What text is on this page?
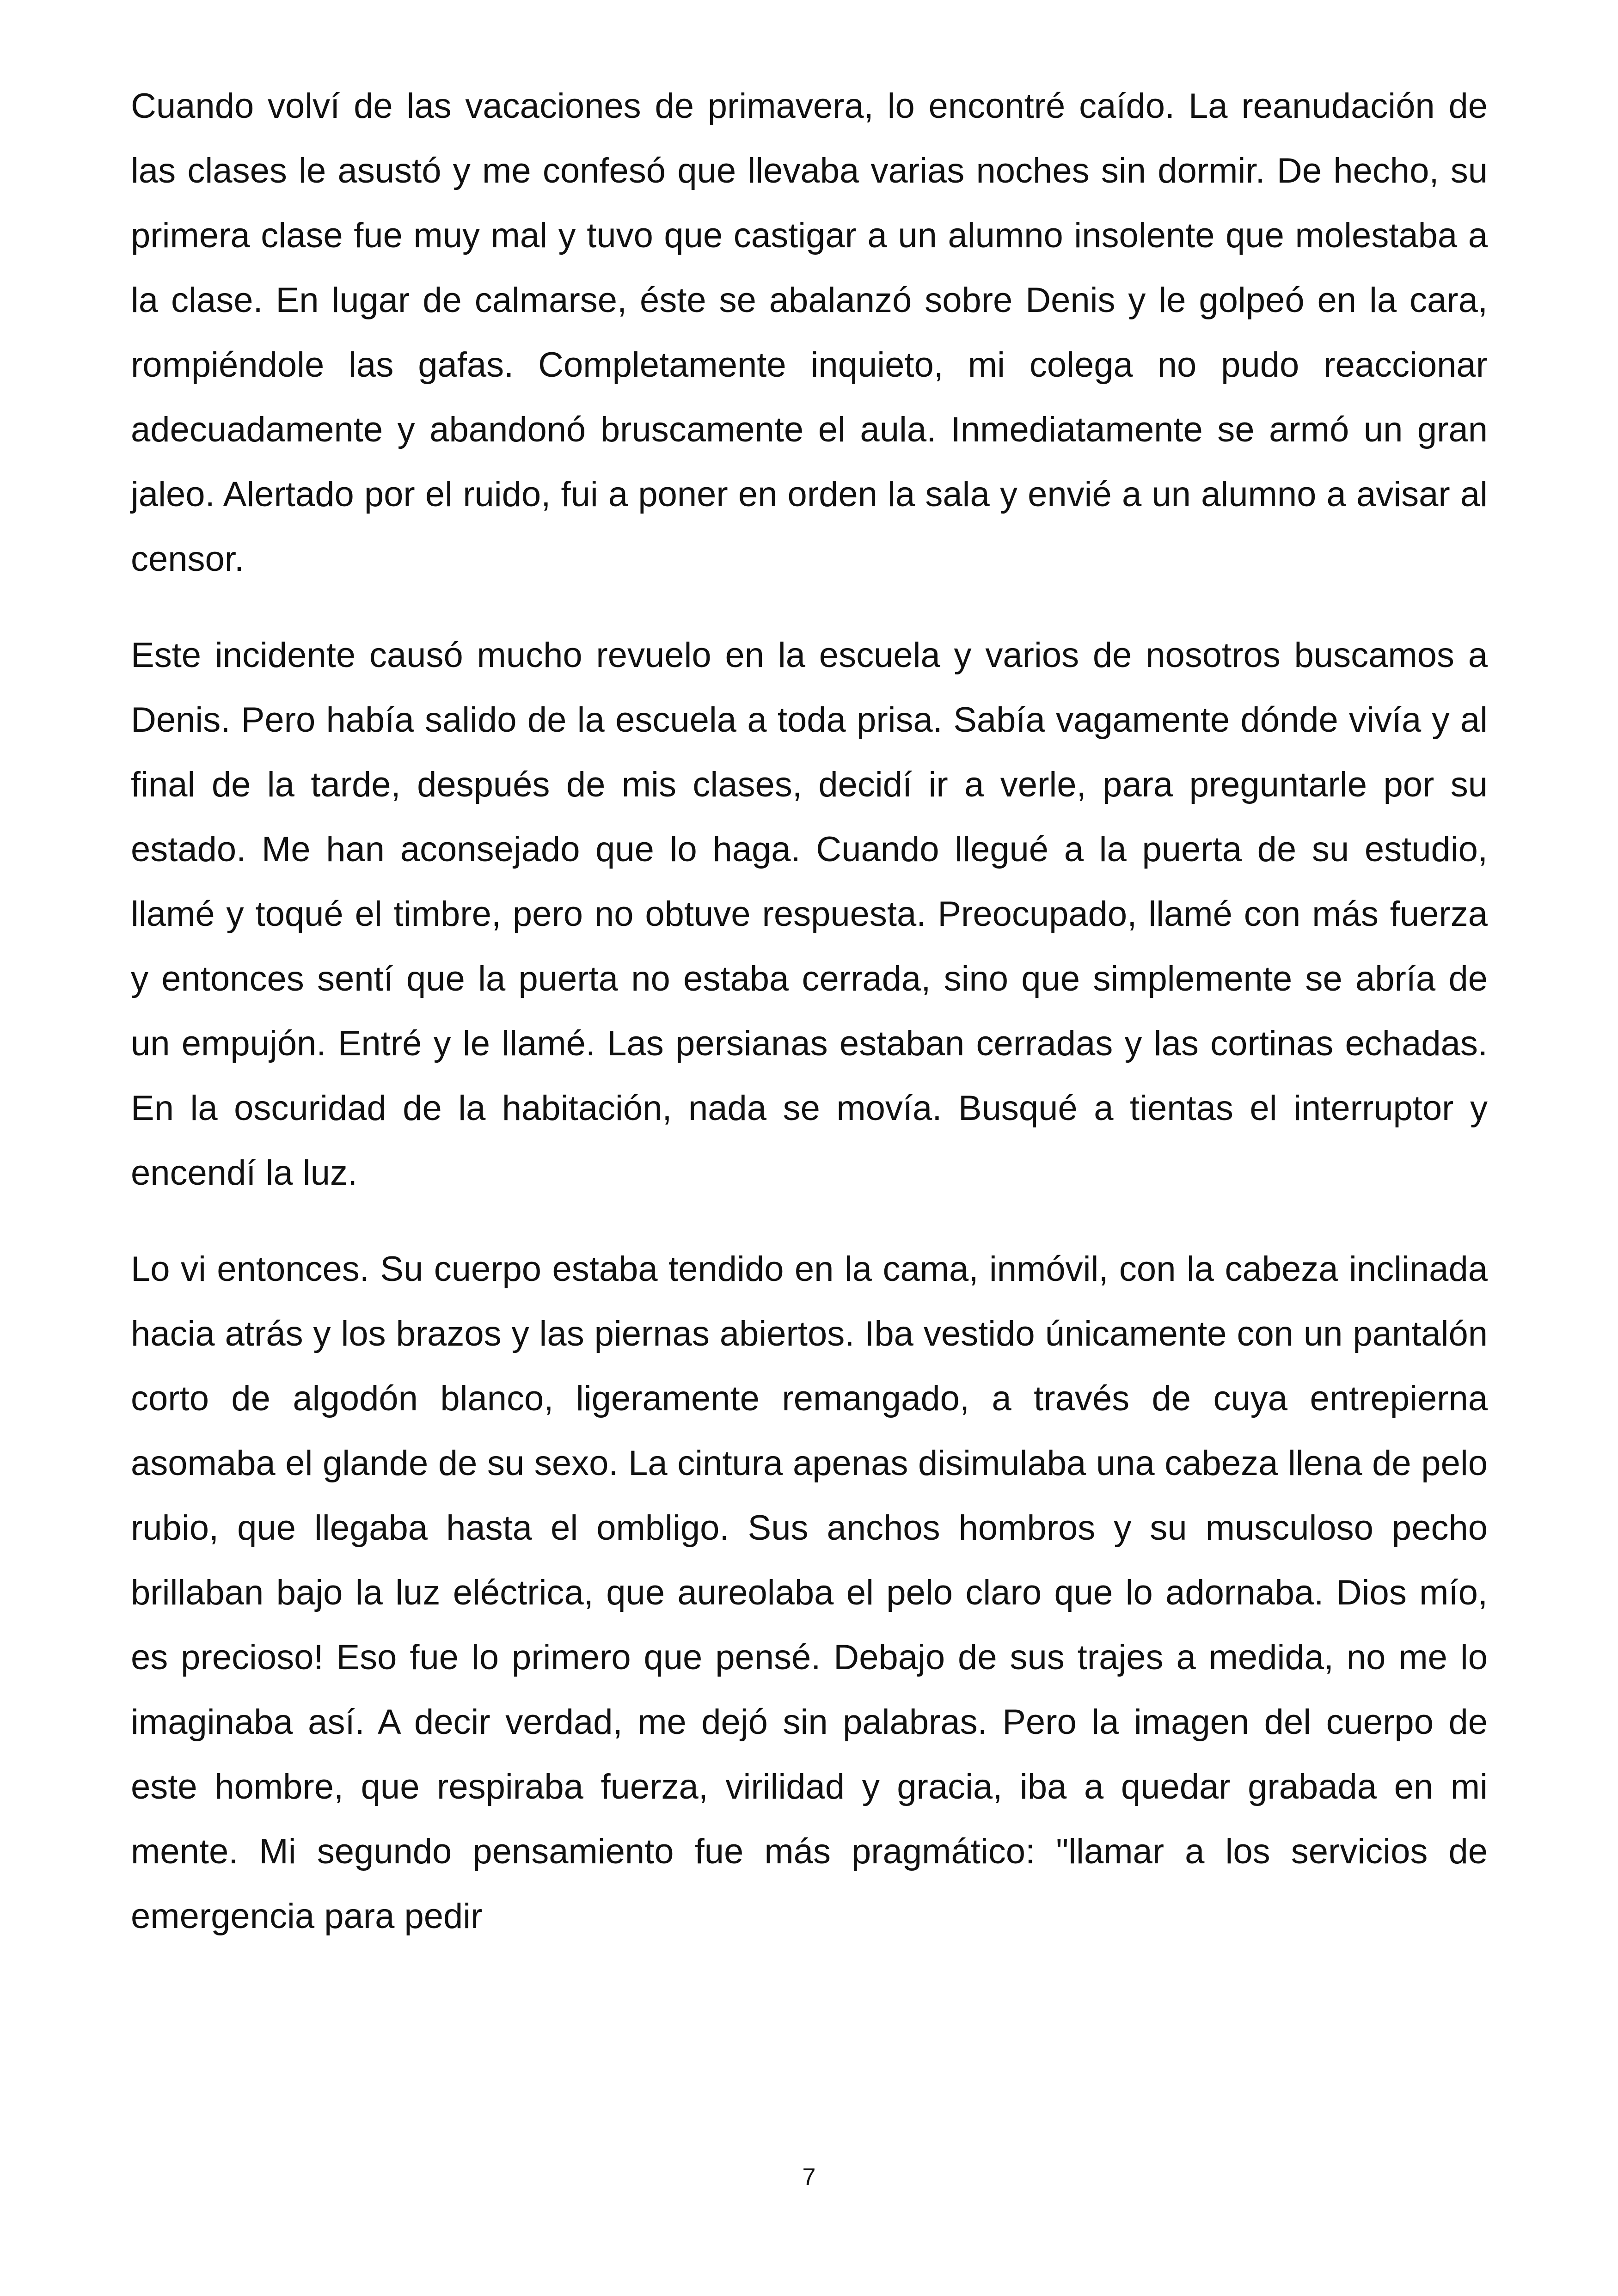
Cuando volví de las vacaciones de primavera, lo encontré caído. La reanudación de las clases le asustó y me confesó que llevaba varias noches sin dormir. De hecho, su primera clase fue muy mal y tuvo que castigar a un alumno insolente que molestaba a la clase. En lugar de calmarse, éste se abalanzó sobre Denis y le golpeó en la cara, rompiéndole las gafas. Completamente inquieto, mi colega no pudo reaccionar adecuadamente y abandonó bruscamente el aula. Inmediatamente se armó un gran jaleo. Alertado por el ruido, fui a poner en orden la sala y envié a un alumno a avisar al censor.

Este incidente causó mucho revuelo en la escuela y varios de nosotros buscamos a Denis. Pero había salido de la escuela a toda prisa. Sabía vagamente dónde vivía y al final de la tarde, después de mis clases, decidí ir a verle, para preguntarle por su estado. Me han aconsejado que lo haga. Cuando llegué a la puerta de su estudio, llamé y toqué el timbre, pero no obtuve respuesta. Preocupado, llamé con más fuerza y entonces sentí que la puerta no estaba cerrada, sino que simplemente se abría de un empujón. Entré y le llamé. Las persianas estaban cerradas y las cortinas echadas. En la oscuridad de la habitación, nada se movía. Busqué a tientas el interruptor y encendí la luz.

Lo vi entonces. Su cuerpo estaba tendido en la cama, inmóvil, con la cabeza inclinada hacia atrás y los brazos y las piernas abiertos. Iba vestido únicamente con un pantalón corto de algodón blanco, ligeramente remangado, a través de cuya entrepierna asomaba el glande de su sexo. La cintura apenas disimulaba una cabeza llena de pelo rubio, que llegaba hasta el ombligo. Sus anchos hombros y su musculoso pecho brillaban bajo la luz eléctrica, que aureolaba el pelo claro que lo adornaba. Dios mío, es precioso! Eso fue lo primero que pensé. Debajo de sus trajes a medida, no me lo imaginaba así. A decir verdad, me dejó sin palabras. Pero la imagen del cuerpo de este hombre, que respiraba fuerza, virilidad y gracia, iba a quedar grabada en mi mente. Mi segundo pensamiento fue más pragmático: "llamar a los servicios de emergencia para pedir

7
